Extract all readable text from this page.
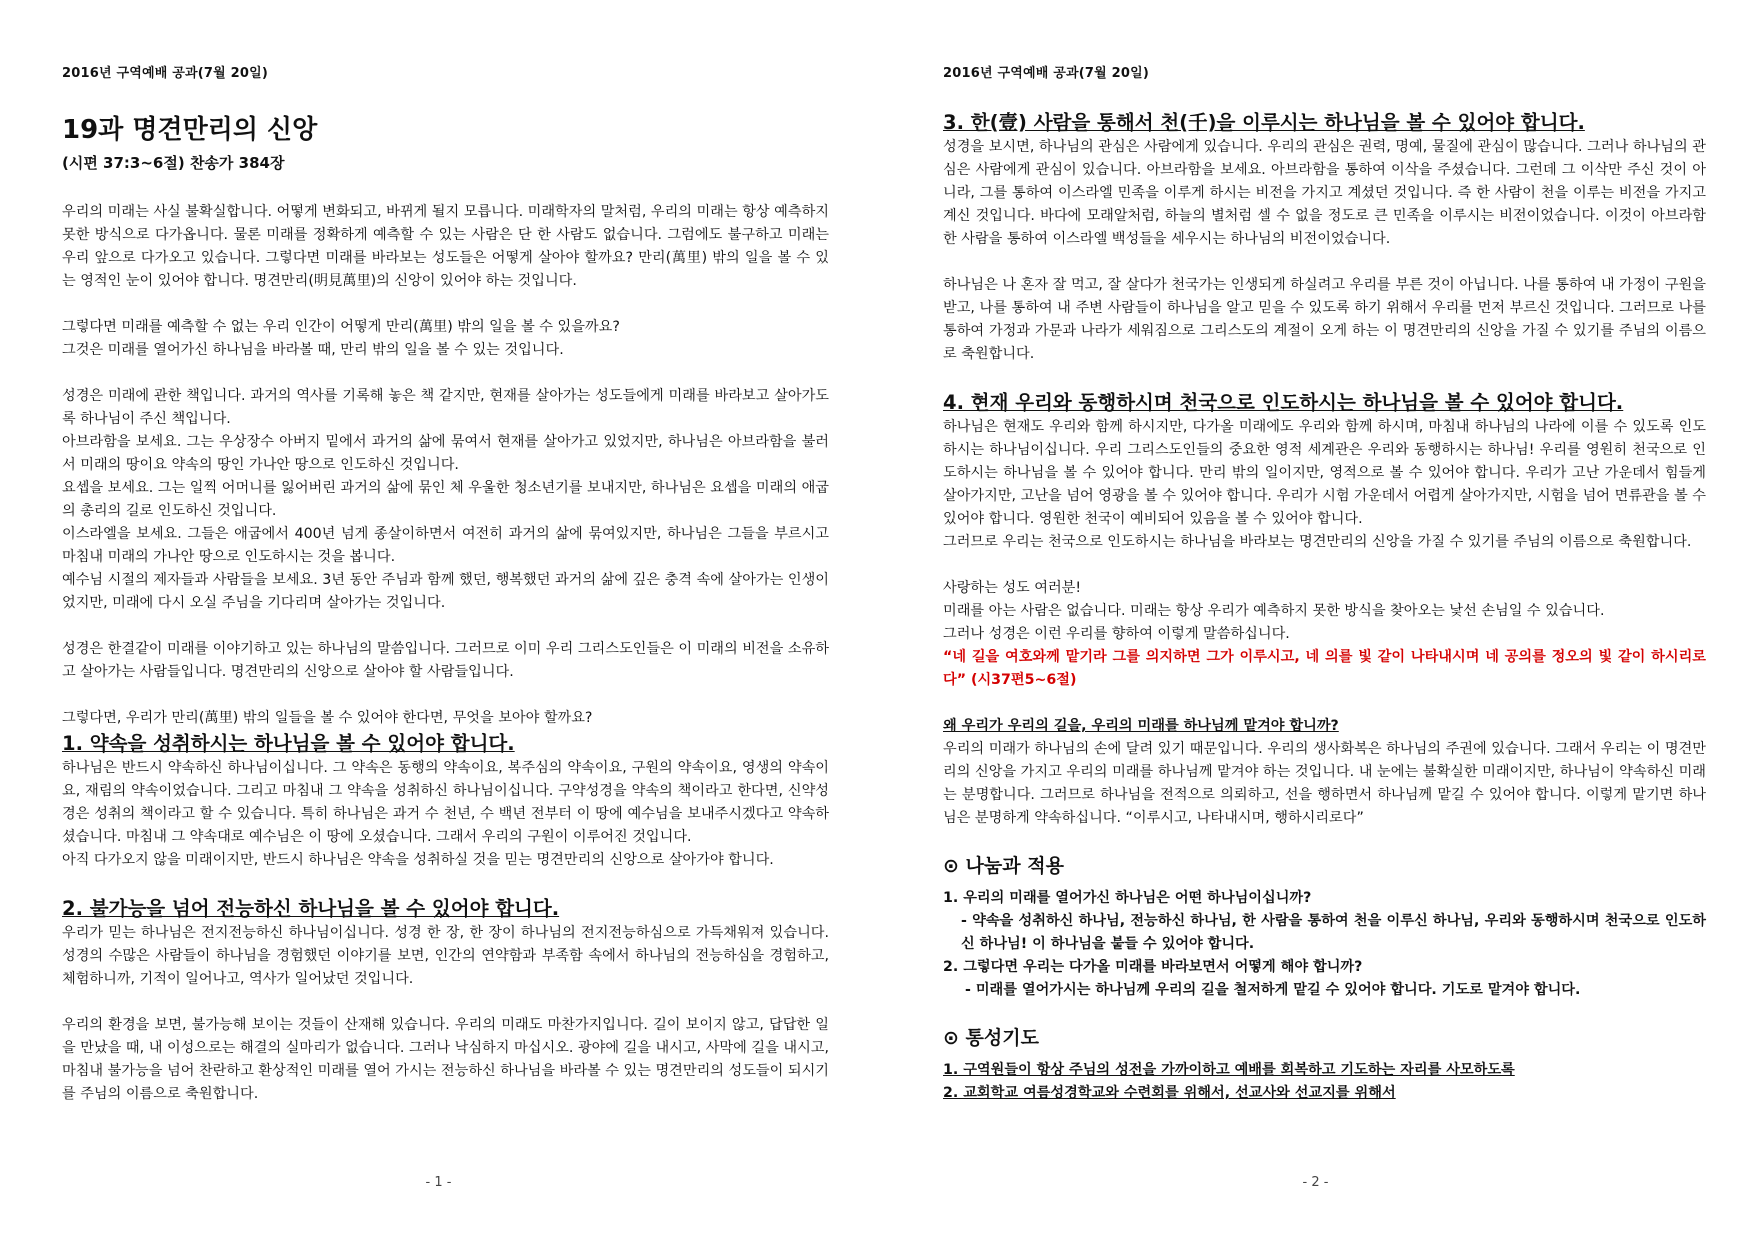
2016년 구역예배 공과(7월 20일)
19과 명견만리의 신앙
(시편 37:3~6절) 찬송가 384장

우리의 미래는 사실 불확실합니다. 어떻게 변화되고, 바뀌게 될지 모릅니다. 미래학자의 말처럼, 우리의 미래는 항상 예측하지 못한 방식으로 다가옵니다. 물론 미래를 정확하게 예측할 수 있는 사람은 단 한 사람도 없습니다. 그럼에도 불구하고 미래는 우리 앞으로 다가오고 있습니다. 그렇다면 미래를 바라보는 성도들은 어떻게 살아야 할까요? 만리(萬里) 밖의 일을 볼 수 있는 영적인 눈이 있어야 합니다. 명견만리(明見萬里)의 신앙이 있어야 하는 것입니다.

그렇다면 미래를 예측할 수 없는 우리 인간이 어떻게 만리(萬里) 밖의 일을 볼 수 있을까요?

그것은 미래를 열어가신 하나님을 바라볼 때, 만리 밖의 일을 볼 수 있는 것입니다.

성경은 미래에 관한 책입니다. 과거의 역사를 기록해 놓은 책 같지만, 현재를 살아가는 성도들에게 미래를 바라보고 살아가도록 하나님이 주신 책입니다.

아브라함을 보세요. 그는 우상장수 아버지 밑에서 과거의 삶에 묶여서 현재를 살아가고 있었지만, 하나님은 아브라함을 불러서 미래의 땅이요 약속의 땅인 가나안 땅으로 인도하신 것입니다.

요셉을 보세요. 그는 일찍 어머니를 잃어버린 과거의 삶에 묶인 체 우울한 청소년기를 보내지만, 하나님은 요셉을 미래의 애굽의 총리의 길로 인도하신 것입니다.

이스라엘을 보세요. 그들은 애굽에서 400년 넘게 종살이하면서 여전히 과거의 삶에 묶여있지만, 하나님은 그들을 부르시고 마침내 미래의 가나안 땅으로 인도하시는 것을 봅니다.

예수님 시절의 제자들과 사람들을 보세요. 3년 동안 주님과 함께 했던, 행복했던 과거의 삶에 깊은 충격 속에 살아가는 인생이었지만, 미래에 다시 오실 주님을 기다리며 살아가는 것입니다.

성경은 한결같이 미래를 이야기하고 있는 하나님의 말씀입니다. 그러므로 이미 우리 그리스도인들은 이 미래의 비전을 소유하고 살아가는 사람들입니다. 명견만리의 신앙으로 살아야 할 사람들입니다.

그렇다면, 우리가 만리(萬里) 밖의 일들을 볼 수 있어야 한다면, 무엇을 보아야 할까요?

1. 약속을 성취하시는 하나님을 볼 수 있어야 합니다.

하나님은 반드시 약속하신 하나님이십니다. 그 약속은 동행의 약속이요, 복주심의 약속이요, 구원의 약속이요, 영생의 약속이요, 재림의 약속이었습니다. 그리고 마침내 그 약속을 성취하신 하나님이십니다. 구약성경을 약속의 책이라고 한다면, 신약성경은 성취의 책이라고 할 수 있습니다. 특히 하나님은 과거 수 천년, 수 백년 전부터 이 땅에 예수님을 보내주시겠다고 약속하셨습니다. 마침내 그 약속대로 예수님은 이 땅에 오셨습니다. 그래서 우리의 구원이 이루어진 것입니다.

아직 다가오지 않을 미래이지만, 반드시 하나님은 약속을 성취하실 것을 믿는 명견만리의 신앙으로 살아가야 합니다.

2. 불가능을 넘어 전능하신 하나님을 볼 수 있어야 합니다.

우리가 믿는 하나님은 전지전능하신 하나님이십니다. 성경 한 장, 한 장이 하나님의 전지전능하심으로 가득채워져 있습니다. 성경의 수많은 사람들이 하나님을 경험했던 이야기를 보면, 인간의 연약함과 부족함 속에서 하나님의 전능하심을 경험하고, 체험하니까, 기적이 일어나고, 역사가 일어났던 것입니다.

우리의 환경을 보면, 불가능해 보이는 것들이 산재해 있습니다. 우리의 미래도 마찬가지입니다. 길이 보이지 않고, 답답한 일을 만났을 때, 내 이성으로는 해결의 실마리가 없습니다. 그러나 낙심하지 마십시오. 광야에 길을 내시고, 사막에 길을 내시고, 마침내 불가능을 넘어 찬란하고 환상적인 미래를 열어 가시는 전능하신 하나님을 바라볼 수 있는 명견만리의 성도들이 되시기를 주님의 이름으로 축원합니다.

- 1 -
2016년 구역예배 공과(7월 20일)
3. 한(壹) 사람을 통해서 천(千)을 이루시는 하나님을 볼 수 있어야 합니다.

성경을 보시면, 하나님의 관심은 사람에게 있습니다. 우리의 관심은 권력, 명예, 물질에 관심이 많습니다. 그러나 하나님의 관심은 사람에게 관심이 있습니다. 아브라함을 보세요. 아브라함을 통하여 이삭을 주셨습니다. 그런데 그 이삭만 주신 것이 아니라, 그를 통하여 이스라엘 민족을 이루게 하시는 비전을 가지고 계셨던 것입니다. 즉 한 사람이 천을 이루는 비전을 가지고 계신 것입니다. 바다에 모래알처럼, 하늘의 별처럼 셀 수 없을 정도로 큰 민족을 이루시는 비전이었습니다. 이것이 아브라함 한 사람을 통하여 이스라엘 백성들을 세우시는 하나님의 비전이었습니다.

하나님은 나 혼자 잘 먹고, 잘 살다가 천국가는 인생되게 하실려고 우리를 부른 것이 아닙니다. 나를 통하여 내 가정이 구원을 받고, 나를 통하여 내 주변 사람들이 하나님을 알고 믿을 수 있도록 하기 위해서 우리를 먼저 부르신 것입니다. 그러므로 나를 통하여 가정과 가문과 나라가 세워짐으로 그리스도의 계절이 오게 하는 이 명견만리의 신앙을 가질 수 있기를 주님의 이름으로 축원합니다.

4. 현재 우리와 동행하시며 천국으로 인도하시는 하나님을 볼 수 있어야 합니다.

하나님은 현재도 우리와 함께 하시지만, 다가올 미래에도 우리와 함께 하시며, 마침내 하나님의 나라에 이를 수 있도록 인도하시는 하나님이십니다. 우리 그리스도인들의 중요한 영적 세계관은 우리와 동행하시는 하나님! 우리를 영원히 천국으로 인도하시는 하나님을 볼 수 있어야 합니다. 만리 밖의 일이지만, 영적으로 볼 수 있어야 합니다. 우리가 고난 가운데서 힘들게 살아가지만, 고난을 넘어 영광을 볼 수 있어야 합니다. 우리가 시험 가운데서 어렵게 살아가지만, 시험을 넘어 면류관을 볼 수 있어야 합니다. 영원한 천국이 예비되어 있음을 볼 수 있어야 합니다.

그러므로 우리는 천국으로 인도하시는 하나님을 바라보는 명견만리의 신앙을 가질 수 있기를 주님의 이름으로 축원합니다.

사랑하는 성도 여러분!

미래를 아는 사람은 없습니다. 미래는 항상 우리가 예측하지 못한 방식을 찾아오는 낯선 손님일 수 있습니다.

그러나 성경은 이런 우리를 향하여 이렇게 말씀하십니다.

“네 길을 여호와께 맡기라 그를 의지하면 그가 이루시고, 네 의를 빛 같이 나타내시며 네 공의를 정오의 빛 같이 하시리로다” (시37편5~6절)

왜 우리가 우리의 길을, 우리의 미래를 하나님께 맡겨야 합니까?

우리의 미래가 하나님의 손에 달려 있기 때문입니다. 우리의 생사화복은 하나님의 주권에 있습니다. 그래서 우리는 이 명견만리의 신앙을 가지고 우리의 미래를 하나님께 맡겨야 하는 것입니다. 내 눈에는 불확실한 미래이지만, 하나님이 약속하신 미래는 분명합니다. 그러므로 하나님을 전적으로 의뢰하고, 선을 행하면서 하나님께 맡길 수 있어야 합니다. 이렇게 맡기면 하나님은 분명하게 약속하십니다. “이루시고, 나타내시며, 행하시리로다”

⊙ 나눔과 적용

1. 우리의 미래를 열어가신 하나님은 어떤 하나님이십니까?

- 약속을 성취하신 하나님, 전능하신 하나님, 한 사람을 통하여 천을 이루신 하나님, 우리와 동행하시며 천국으로 인도하신 하나님! 이 하나님을 붙들 수 있어야 합니다.

2. 그렇다면 우리는 다가올 미래를 바라보면서 어떻게 해야 합니까?

- 미래를 열어가시는 하나님께 우리의 길을 철저하게 맡길 수 있어야 합니다. 기도로 맡겨야 합니다.

⊙ 통성기도

1. 구역원들이 항상 주님의 성전을 가까이하고 예배를 회복하고 기도하는 자리를 사모하도록

2. 교회학교 여름성경학교와 수련회를 위해서, 선교사와 선교지를 위해서

- 2 -
